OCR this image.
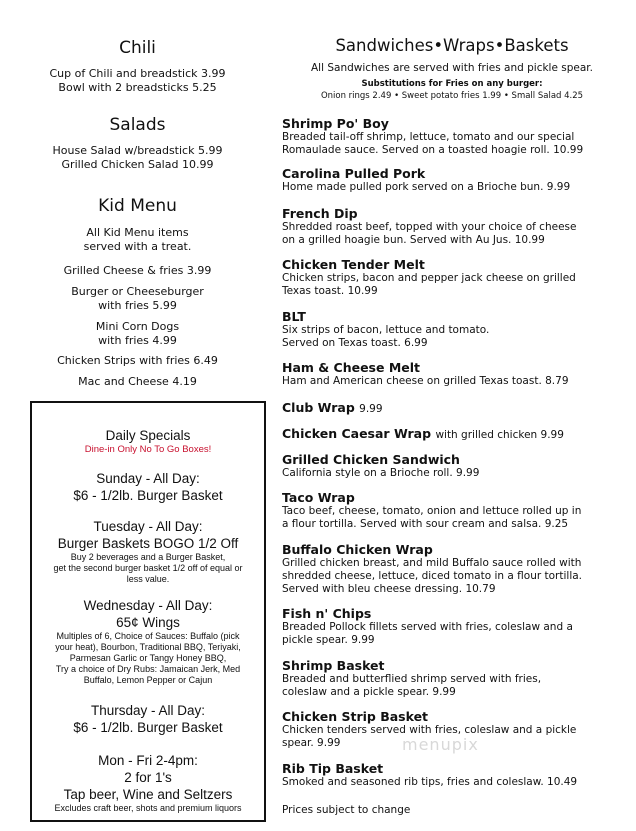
Chili
Cup of Chili and breadstick 3.99
Bowl with 2 breadsticks 5.25
Salads
House Salad w/breadstick 5.99
Grilled Chicken Salad 10.99
Kid Menu
All Kid Menu items
served with a treat.
Grilled Cheese & fries 3.99
Burger or Cheeseburger
with fries 5.99
Mini Corn Dogs
with fries 4.99
Chicken Strips with fries 6.49
Mac and Cheese 4.19
Daily Specials
Dine-in Only No To Go Boxes!
Sunday - All Day:
$6 - 1/2lb. Burger Basket
Tuesday - All Day:
Burger Baskets BOGO 1/2 Off
Buy 2 beverages and a Burger Basket,
get the second burger basket 1/2 off of equal or
less value.
Wednesday - All Day:
65¢ Wings
Multiples of 6, Choice of Sauces: Buffalo (pick
your heat), Bourbon, Traditional BBQ, Teriyaki,
Parmesan Garlic or Tangy Honey BBQ,
Try a choice of Dry Rubs: Jamaican Jerk, Med
Buffalo, Lemon Pepper or Cajun
Thursday - All Day:
$6 - 1/2lb. Burger Basket
Mon - Fri 2-4pm:
2 for 1's
Tap beer, Wine and Seltzers
Excludes craft beer, shots and premium liquors
Sandwiches•Wraps•Baskets
All Sandwiches are served with fries and pickle spear.
Substitutions for Fries on any burger:
Onion rings 2.49 • Sweet potato fries 1.99 • Small Salad 4.25
Shrimp Po' Boy
Breaded tail-off shrimp, lettuce, tomato and our special
Romaulade sauce. Served on a toasted hoagie roll. 10.99
Carolina Pulled Pork
Home made pulled pork served on a Brioche bun. 9.99
French Dip
Shredded roast beef, topped with your choice of cheese
on a grilled hoagie bun. Served with Au Jus. 10.99
Chicken Tender Melt
Chicken strips, bacon and pepper jack cheese on grilled
Texas toast. 10.99
BLT
Six strips of bacon, lettuce and tomato.
Served on Texas toast. 6.99
Ham & Cheese Melt
Ham and American cheese on grilled Texas toast. 8.79
Club Wrap 9.99
Chicken Caesar Wrap with grilled chicken 9.99
Grilled Chicken Sandwich
California style on a Brioche roll. 9.99
Taco Wrap
Taco beef, cheese, tomato, onion and lettuce rolled up in
a flour tortilla. Served with sour cream and salsa. 9.25
Buffalo Chicken Wrap
Grilled chicken breast, and mild Buffalo sauce rolled with
shredded cheese, lettuce, diced tomato in a flour tortilla.
Served with bleu cheese dressing. 10.79
Fish n' Chips
Breaded Pollock fillets served with fries, coleslaw and a
pickle spear. 9.99
Shrimp Basket
Breaded and butterflied shrimp served with fries,
coleslaw and a pickle spear. 9.99
Chicken Strip Basket
Chicken tenders served with fries, coleslaw and a pickle
spear. 9.99
Rib Tip Basket
Smoked and seasoned rib tips, fries and coleslaw. 10.49
Prices subject to change
menupix
